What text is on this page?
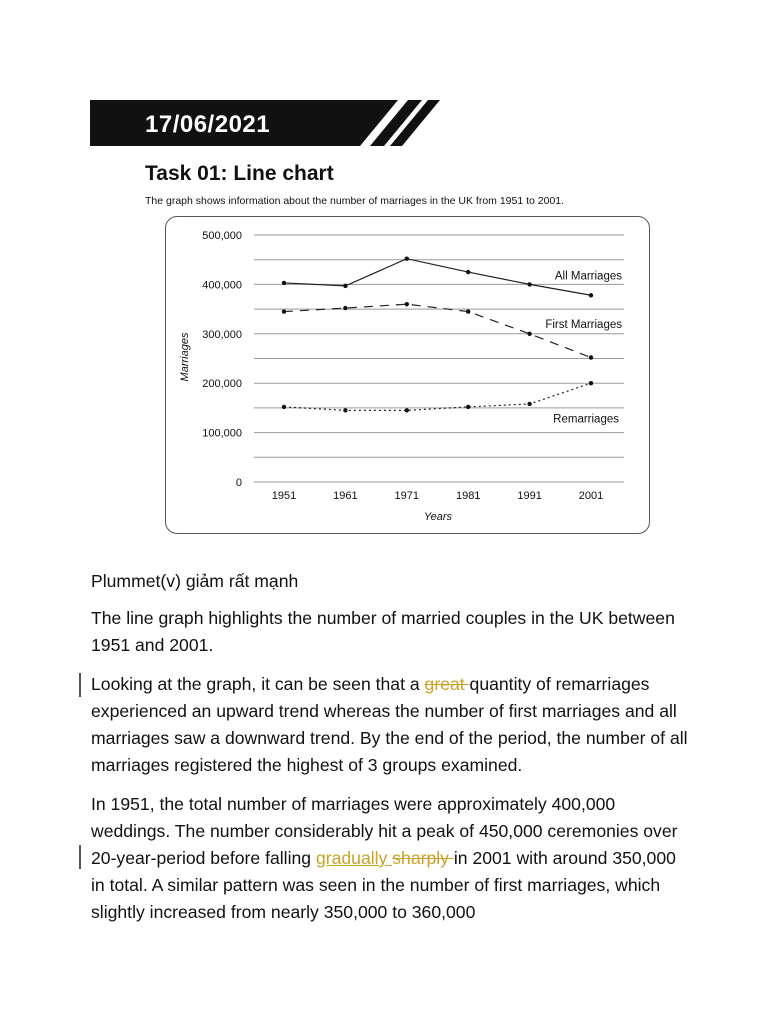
17/06/2021
Task 01: Line chart
The graph shows information about the number of marriages in the UK from 1951 to 2001.
0
100,000
200,000
300,000
400,000
500,000
1951	1961	1971	1981	1991	2001
Years
Marriages
All Marriages
First Marriages
Remarriages

Plummet(v) giảm rất mạnh

The line graph highlights the number of married couples in the UK between 1951 and 2001.

Looking at the graph, it can be seen that a great quantity of remarriages experienced an upward trend whereas the number of first marriages and all marriages saw a downward trend. By the end of the period, the number of all marriages registered the highest of 3 groups examined.

In 1951, the total number of marriages were approximately 400,000 weddings. The number considerably hit a peak of 450,000 ceremonies over 20-year-period before falling gradually sharply in 2001 with around 350,000 in total. A similar pattern was seen in the number of first marriages, which slightly increased from nearly 350,000 to 360,000
